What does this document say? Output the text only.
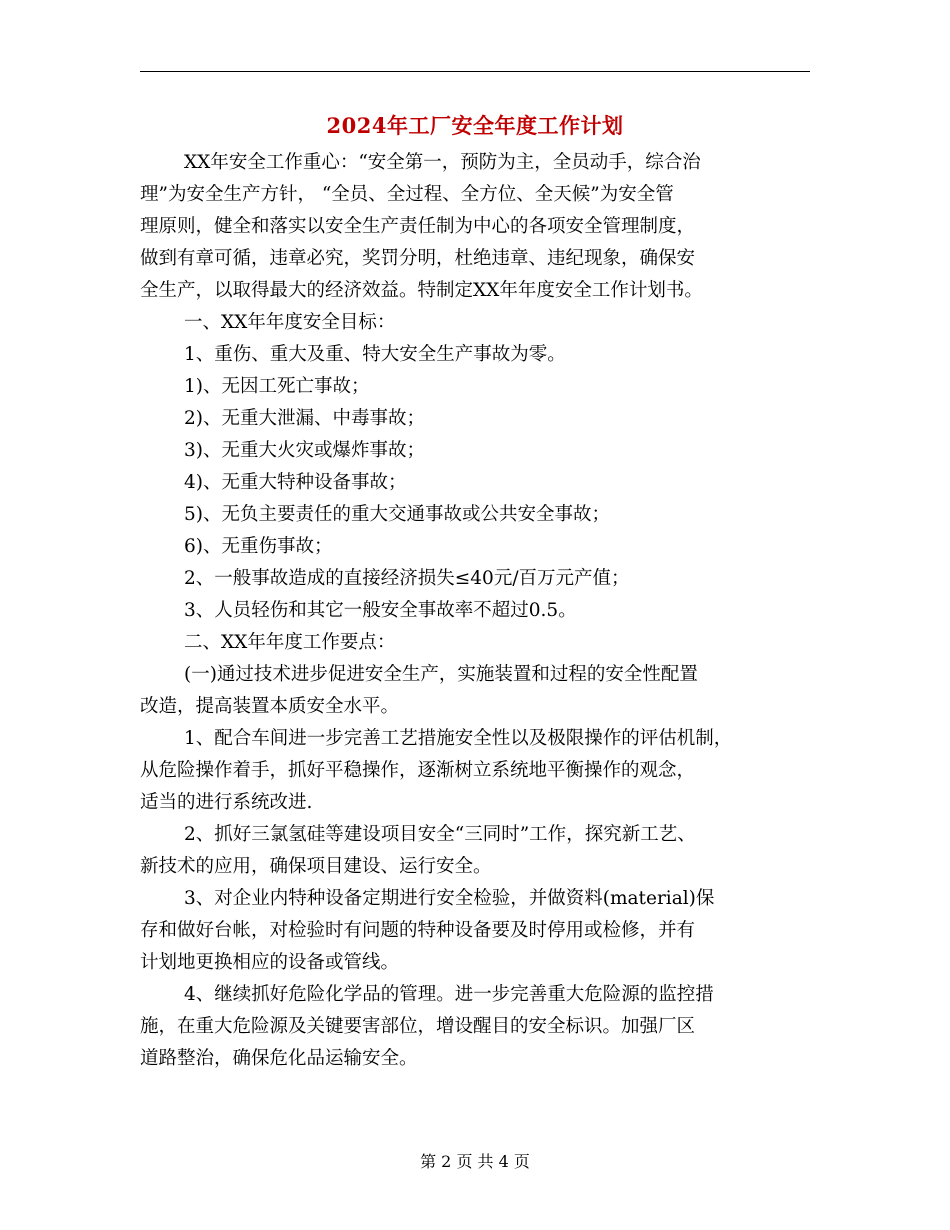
2024年工厂安全年度工作计划
XX年安全工作重心：“安全第一，预防为主，全员动手，综合治
理”为安全生产方针， “全员、全过程、全方位、全天候”为安全管
理原则，健全和落实以安全生产责任制为中心的各项安全管理制度，
做到有章可循，违章必究，奖罚分明，杜绝违章、违纪现象，确保安
全生产，以取得最大的经济效益。特制定XX年年度安全工作计划书。
一、XX年年度安全目标：
1、重伤、重大及重、特大安全生产事故为零。
1)、无因工死亡事故；
2)、无重大泄漏、中毒事故；
3)、无重大火灾或爆炸事故；
4)、无重大特种设备事故；
5)、无负主要责任的重大交通事故或公共安全事故；
6)、无重伤事故；
2、一般事故造成的直接经济损失≤40元/百万元产值；
3、人员轻伤和其它一般安全事故率不超过0.5。
二、XX年年度工作要点：
(一)通过技术进步促进安全生产，实施装置和过程的安全性配置
改造，提高装置本质安全水平。
1、配合车间进一步完善工艺措施安全性以及极限操作的评估机制，
从危险操作着手，抓好平稳操作，逐渐树立系统地平衡操作的观念，
适当的进行系统改进.
2、抓好三氯氢硅等建设项目安全“三同时”工作，探究新工艺、
新技术的应用，确保项目建设、运行安全。
3、对企业内特种设备定期进行安全检验，并做资料(material)保
存和做好台帐，对检验时有问题的特种设备要及时停用或检修，并有
计划地更换相应的设备或管线。
4、继续抓好危险化学品的管理。进一步完善重大危险源的监控措
施，在重大危险源及关键要害部位，增设醒目的安全标识。加强厂区
道路整治，确保危化品运输安全。
第 2 页 共 4 页
